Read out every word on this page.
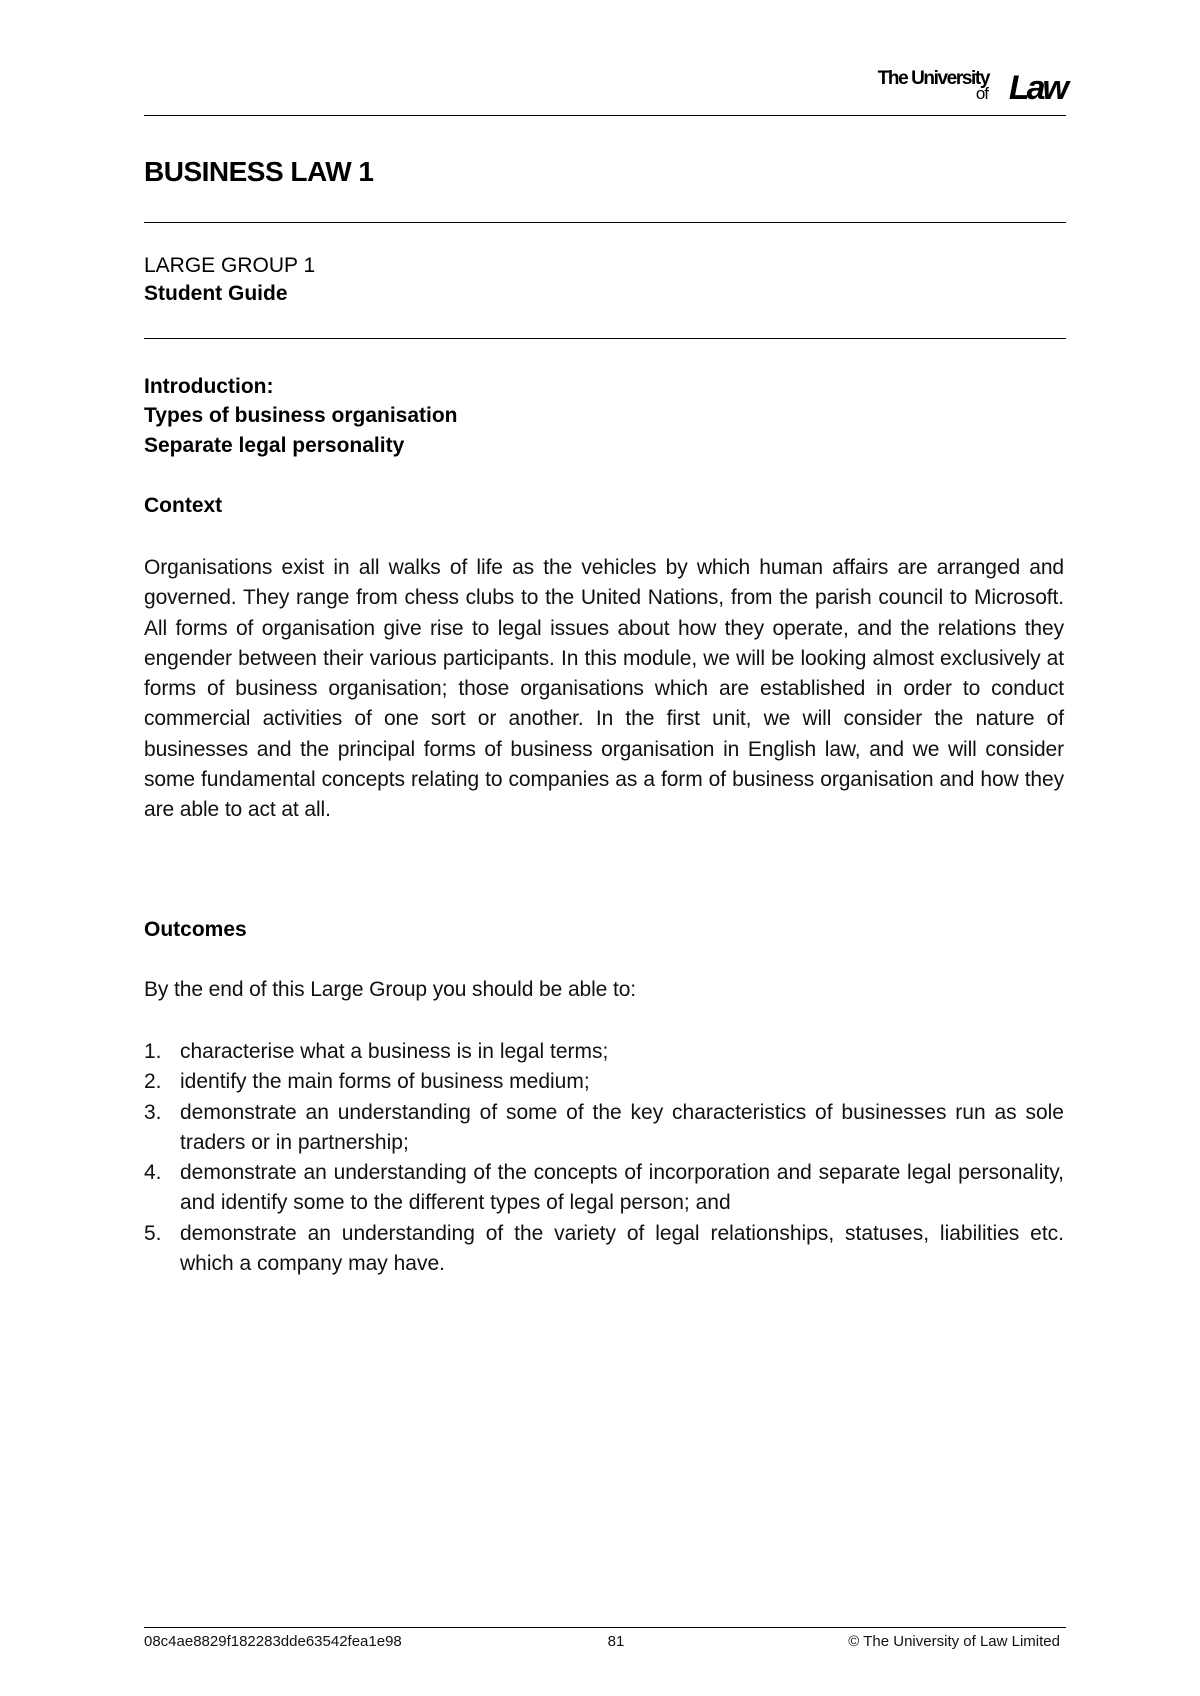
The University
of Law
BUSINESS LAW 1

LARGE GROUP 1

Student Guide

Introduction:

Types of business organisation

Separate legal personality

Context

Organisations exist in all walks of life as the vehicles by which human affairs are arranged and governed. They range from chess clubs to the United Nations, from the parish council to Microsoft. All forms of organisation give rise to legal issues about how they operate, and the relations they engender between their various participants. In this module, we will be looking almost exclusively at forms of business organisation; those organisations which are established in order to conduct commercial activities of one sort or another. In the first unit, we will consider the nature of businesses and the principal forms of business organisation in English law, and we will consider some fundamental concepts relating to companies as a form of business organisation and how they are able to act at all.

Outcomes

By the end of this Large Group you should be able to:

1. characterise what a business is in legal terms;
2. identify the main forms of business medium;
3. demonstrate an understanding of some of the key characteristics of businesses run as sole traders or in partnership;
4. demonstrate an understanding of the concepts of incorporation and separate legal personality, and identify some to the different types of legal person; and
5. demonstrate an understanding of the variety of legal relationships, statuses, liabilities etc. which a company may have.
08c4ae8829f182283dde63542fea1e98	81	© The University of Law Limited
